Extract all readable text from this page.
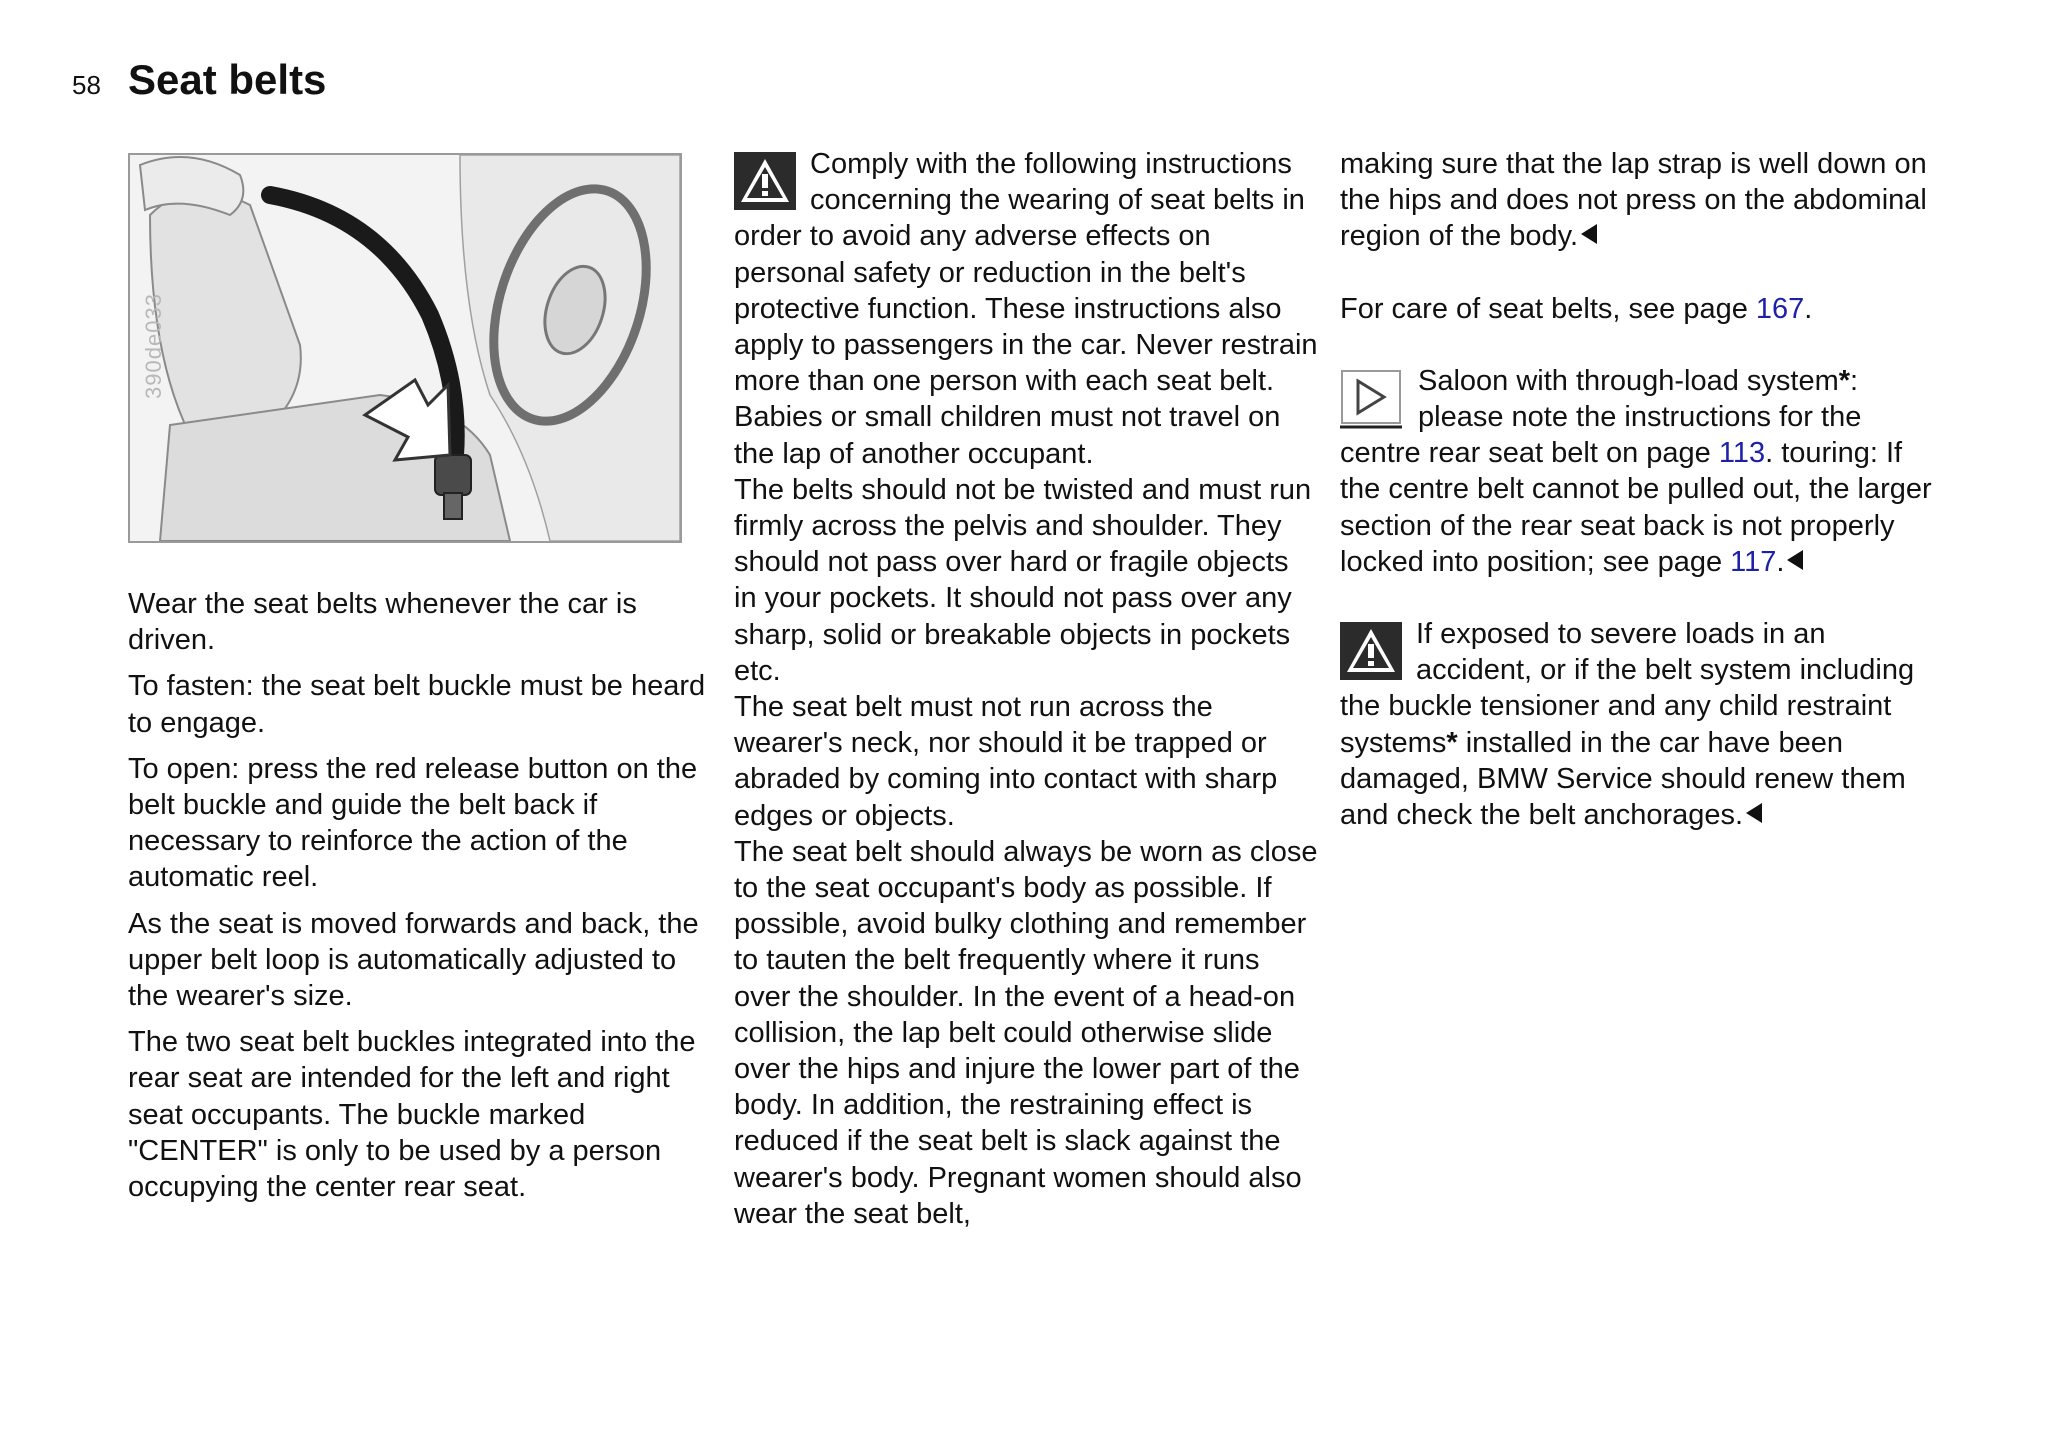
58 Seat belts
390de033

Wear the seat belts whenever the car is driven.

To fasten: the seat belt buckle must be heard to engage.

To open: press the red release button on the belt buckle and guide the belt back if necessary to reinforce the action of the automatic reel.

As the seat is moved forwards and back, the upper belt loop is automatically adjusted to the wearer's size.

The two seat belt buckles integrated into the rear seat are intended for the left and right seat occupants. The buckle marked "CENTER" is only to be used by a person occupying the center rear seat.

Comply with the following instructions concerning the wearing of seat belts in order to avoid any adverse effects on personal safety or reduction in the belt's protective function. These instructions also apply to passengers in the car. Never restrain more than one person with each seat belt. Babies or small children must not travel on the lap of another occupant.

The belts should not be twisted and must run firmly across the pelvis and shoulder. They should not pass over hard or fragile objects in your pockets. It should not pass over any sharp, solid or breakable objects in pockets etc.

The seat belt must not run across the wearer's neck, nor should it be trapped or abraded by coming into contact with sharp edges or objects.

The seat belt should always be worn as close to the seat occupant's body as possible. If possible, avoid bulky clothing and remember to tauten the belt frequently where it runs over the shoulder. In the event of a head-on collision, the lap belt could otherwise slide over the hips and injure the lower part of the body. In addition, the restraining effect is reduced if the seat belt is slack against the wearer's body. Pregnant women should also wear the seat belt,

making sure that the lap strap is well down on the hips and does not press on the abdominal region of the body.

For care of seat belts, see page 167.

Saloon with through-load system*: please note the instructions for the centre rear seat belt on page 113. touring: If the centre belt cannot be pulled out, the larger section of the rear seat back is not properly locked into position; see page 117.
If exposed to severe loads in an accident, or if the belt system including the buckle tensioner and any child restraint systems* installed in the car have been damaged, BMW Service should renew them and check the belt anchorages.
